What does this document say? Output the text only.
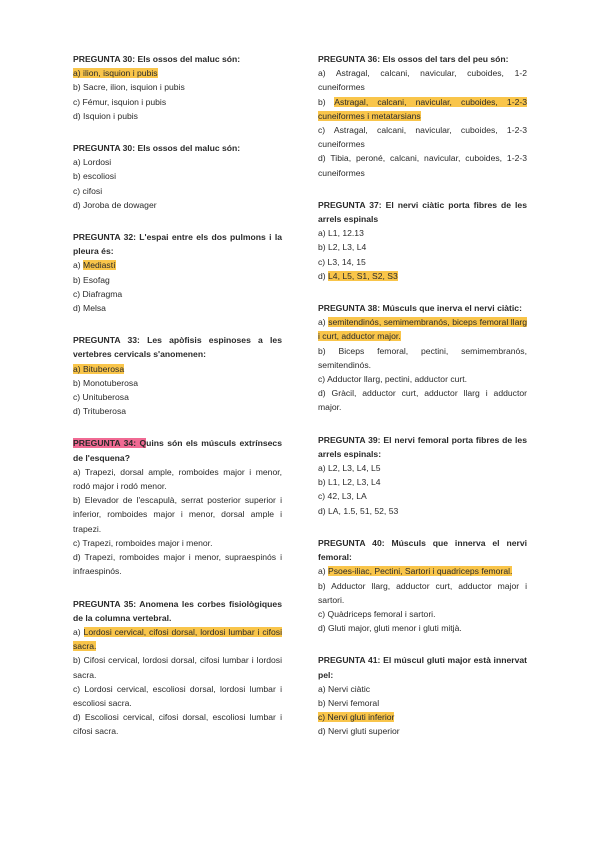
PREGUNTA 30: Els ossos del maluc són:

a) ilion, isquion i pubis

b) Sacre, ilion, isquion i pubis

c) Fémur, isquion i pubis

d) Isquion i pubis

PREGUNTA 30: Els ossos del maluc són:

a) Lordosi

b) escoliosi

c) cifosi

d) Joroba de dowager

PREGUNTA 32: L'espai entre els dos pulmons i la pleura és:

a) Mediastí

b) Esofag

c) Diafragma

d) Melsa

PREGUNTA 33: Les apòfisis espinoses a les vertebres cervicals s'anomenen:

a) Bituberosa

b) Monotuberosa

c) Unituberosa

d) Trituberosa

PREGUNTA 34: Quins són els músculs extrínsecs de l'esquena?

a) Trapezi, dorsal ample, romboides major i menor, rodó major i rodó menor.

b) Elevador de l'escapulà, serrat posterior superior i inferior, romboides major i menor, dorsal ample i trapezi.

c) Trapezi, romboides major i menor.

d) Trapezi, romboides major i menor, supraespinós i infraespinós.

PREGUNTA 35: Anomena les corbes fisiològiques de la columna vertebral.

a) Lordosi cervical, cifosi dorsal, lordosi lumbar i cifosi sacra.

b) Cifosi cervical, lordosi dorsal, cifosi lumbar i lordosi sacra.

c) Lordosi cervical, escoliosi dorsal, lordosi lumbar i escoliosi sacra.

d) Escoliosi cervical, cifosi dorsal, escoliosi lumbar i cifosi sacra.

PREGUNTA 36: Els ossos del tars del peu són:

a) Astragal, calcani, navicular, cuboides, 1-2 cuneiformes

b) Astragal, calcani, navicular, cuboides, 1-2-3 cuneiformes i metatarsians

c) Astragal, calcani, navicular, cuboides, 1-2-3 cuneiformes

d) Tibia, peroné, calcani, navicular, cuboides, 1-2-3 cuneiformes

PREGUNTA 37: El nervi ciàtic porta fibres de les arrels espinals

a) L1, 12.13

b) L2, L3, L4

c) L3, 14, 15

d) L4, L5, S1, S2, S3

PREGUNTA 38: Músculs que inerva el nervi ciàtic:

a) semitendinós, semimembranós, biceps femoral llarg i curt, adductor major.

b) Biceps femoral, pectini, semimembranós, semitendinós.

c) Adductor llarg, pectini, adductor curt.

d) Gràcil, adductor curt, adductor llarg i adductor major.

PREGUNTA 39: El nervi femoral porta fibres de les arrels espinals:

a) L2, L3, L4, L5

b) L1, L2, L3, L4

c) 42, L3, LA

d) LA, 1.5, 51, 52, 53

PREGUNTA 40: Músculs que innerva el nervi femoral:

a) Psoes-iliac, Pectini, Sartori i quadriceps femoral.

b) Adductor llarg, adductor curt, adductor major i sartori.

c) Quàdriceps femoral i sartori.

d) Gluti major, gluti menor i gluti mitjà.

PREGUNTA 41: El múscul gluti major està innervat pel:

a) Nervi ciàtic

b) Nervi femoral

c) Nervi gluti inferior

d) Nervi gluti superior
